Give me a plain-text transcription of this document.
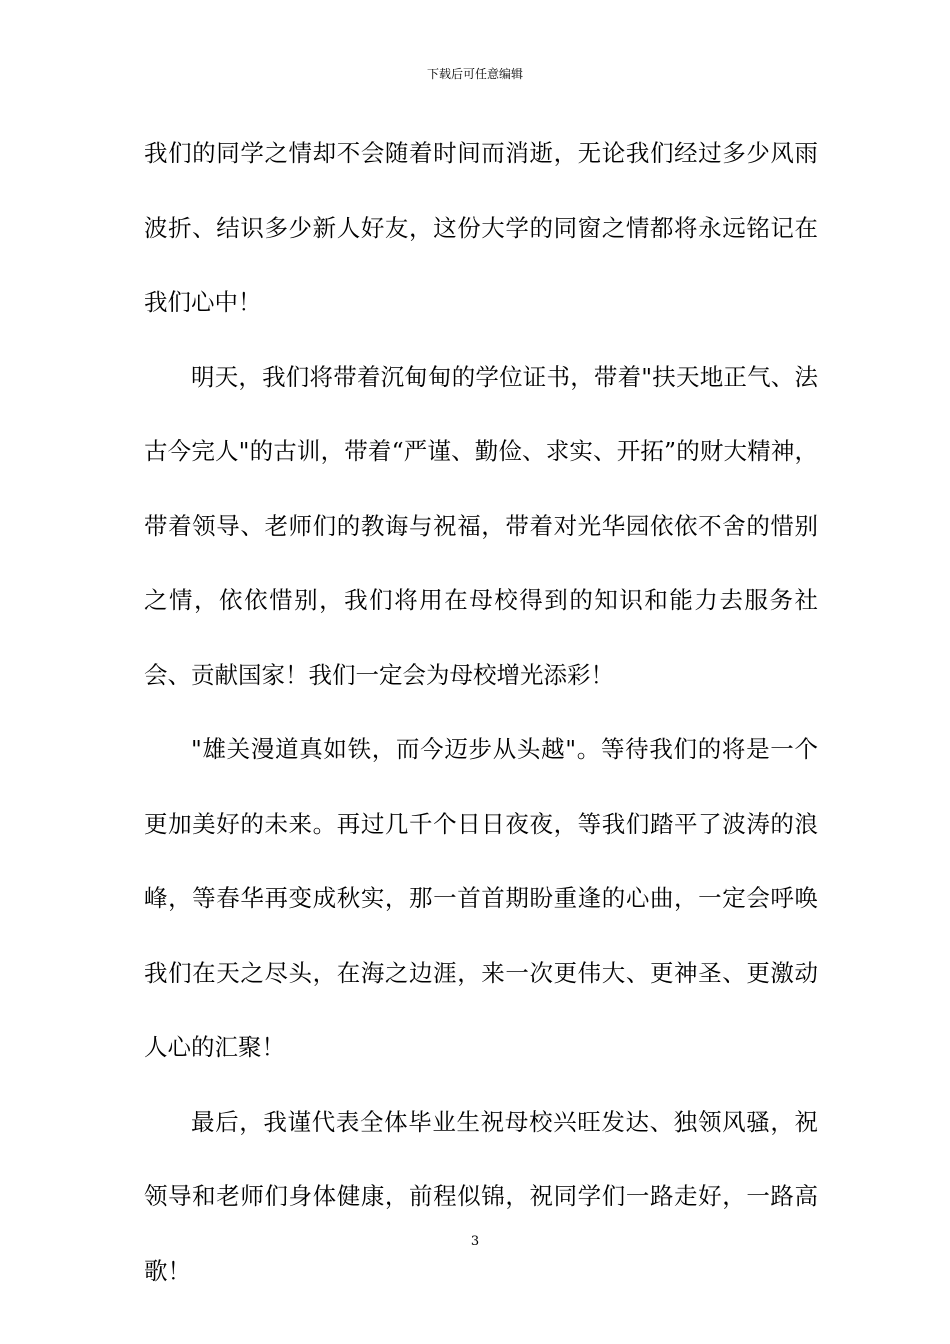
下载后可任意编辑

我们的同学之情却不会随着时间而消逝，无论我们经过多少风雨波折、结识多少新人好友，这份大学的同窗之情都将永远铭记在我们心中！

明天，我们将带着沉甸甸的学位证书，带着"扶天地正气、法古今完人"的古训，带着“严谨、勤俭、求实、开拓”的财大精神，带着领导、老师们的教诲与祝福，带着对光华园依依不舍的惜别之情，依依惜别，我们将用在母校得到的知识和能力去服务社会、贡献国家！我们一定会为母校增光添彩！

"雄关漫道真如铁，而今迈步从头越"。等待我们的将是一个更加美好的未来。再过几千个日日夜夜，等我们踏平了波涛的浪峰，等春华再变成秋实，那一首首期盼重逢的心曲，一定会呼唤我们在天之尽头，在海之边涯，来一次更伟大、更神圣、更激动人心的汇聚！

最后，我谨代表全体毕业生祝母校兴旺发达、独领风骚，祝领导和老师们身体健康，前程似锦，祝同学们一路走好，一路高歌！

3
